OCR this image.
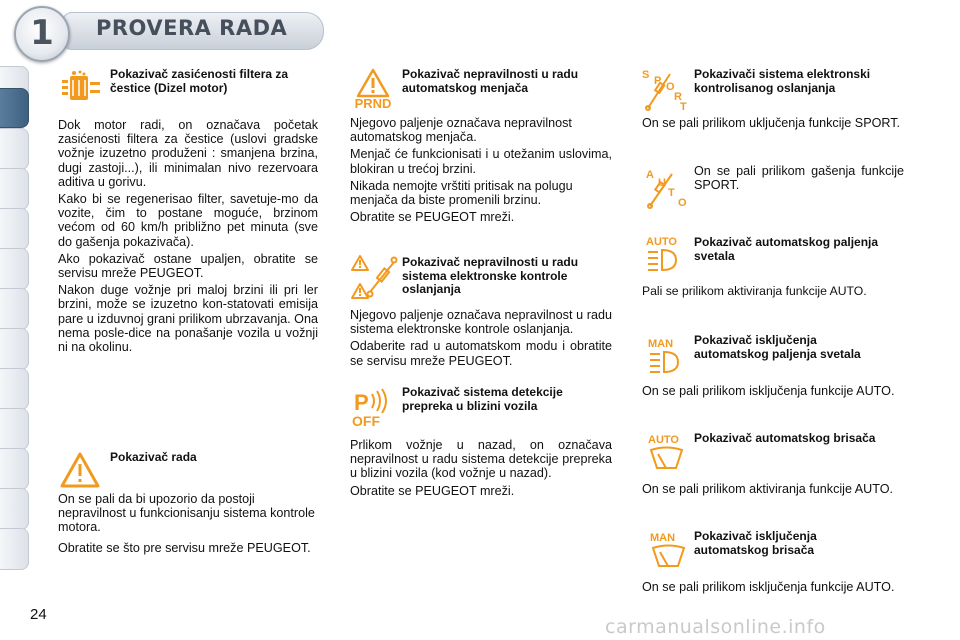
1	PROVERA RADA
Pokazivač zasićenosti filtera za čestice (Dizel motor)

Dok motor radi, on označava početak zasićenosti filtera za čestice (uslovi gradske vožnje izuzetno produženi : smanjena brzina, dugi zastoji...), ili minimalan nivo rezervoara aditiva u gorivu.

Kako bi se regenerisao filter, savetuje-mo da vozite, čim to postane moguće, brzinom većom od 60 km/h približno pet minuta (sve do gašenja pokazivača).

Ako pokazivač ostane upaljen, obratite se servisu mreže PEUGEOT.

Nakon duge vožnje pri maloj brzini ili pri ler brzini, može se izuzetno kon-statovati emisija pare u izduvnoj grani prilikom ubrzavanja. Ona nema posle-dice na ponašanje vozila u vožnji ni na okolinu.

Pokazivač rada

On se pali da bi upozorio da postoji nepravilnost u funkcionisanju sistema kontrole motora.

Obratite se što pre servisu mreže PEUGEOT.

PRND
Pokazivač nepravilnosti u radu automatskog menjača

Njegovo paljenje označava nepravilnost automatskog menjača.

Menjač će funkcionisati i u otežanim uslovima, blokiran u trećoj brzini.

Nikada nemojte vrštiti pritisak na polugu menjača da biste promenili brzinu.

Obratite se PEUGEOT mreži.

Pokazivač nepravilnosti u radu sistema elektronske kontrole oslanjanja

Njegovo paljenje označava nepravilnost u radu sistema elektronske kontrole oslanjanja.

Odaberite rad u automatskom modu i obratite se servisu mreže PEUGEOT.

P
OFF
Pokazivač sistema detekcije prepreka u blizini vozila

Prlikom vožnje u nazad, on označava nepravilnost u radu sistema detekcije prepreka u blizini vozila (kod vožnje u nazad).

Obratite se PEUGEOT mreži.

S P O
R
T
Pokazivači sistema elektronski kontrolisanog oslanjanja
On se pali prilikom uključenja funkcije SPORT.
A
U
T
O
On se pali prilikom gašenja funkcije SPORT.
AUTO	Pokazivač automatskog paljenja svetala
Pali se prilikom aktiviranja funkcije AUTO.
MAN	Pokazivač isključenja automatskog paljenja svetala
On se pali prilikom isključenja funkcije AUTO.
AUTO	Pokazivač automatskog brisača
On se pali prilikom aktiviranja funkcije AUTO.
MAN	Pokazivač isključenja automatskog brisača
On se pali prilikom isključenja funkcije AUTO.
24
carmanualsonline.info
